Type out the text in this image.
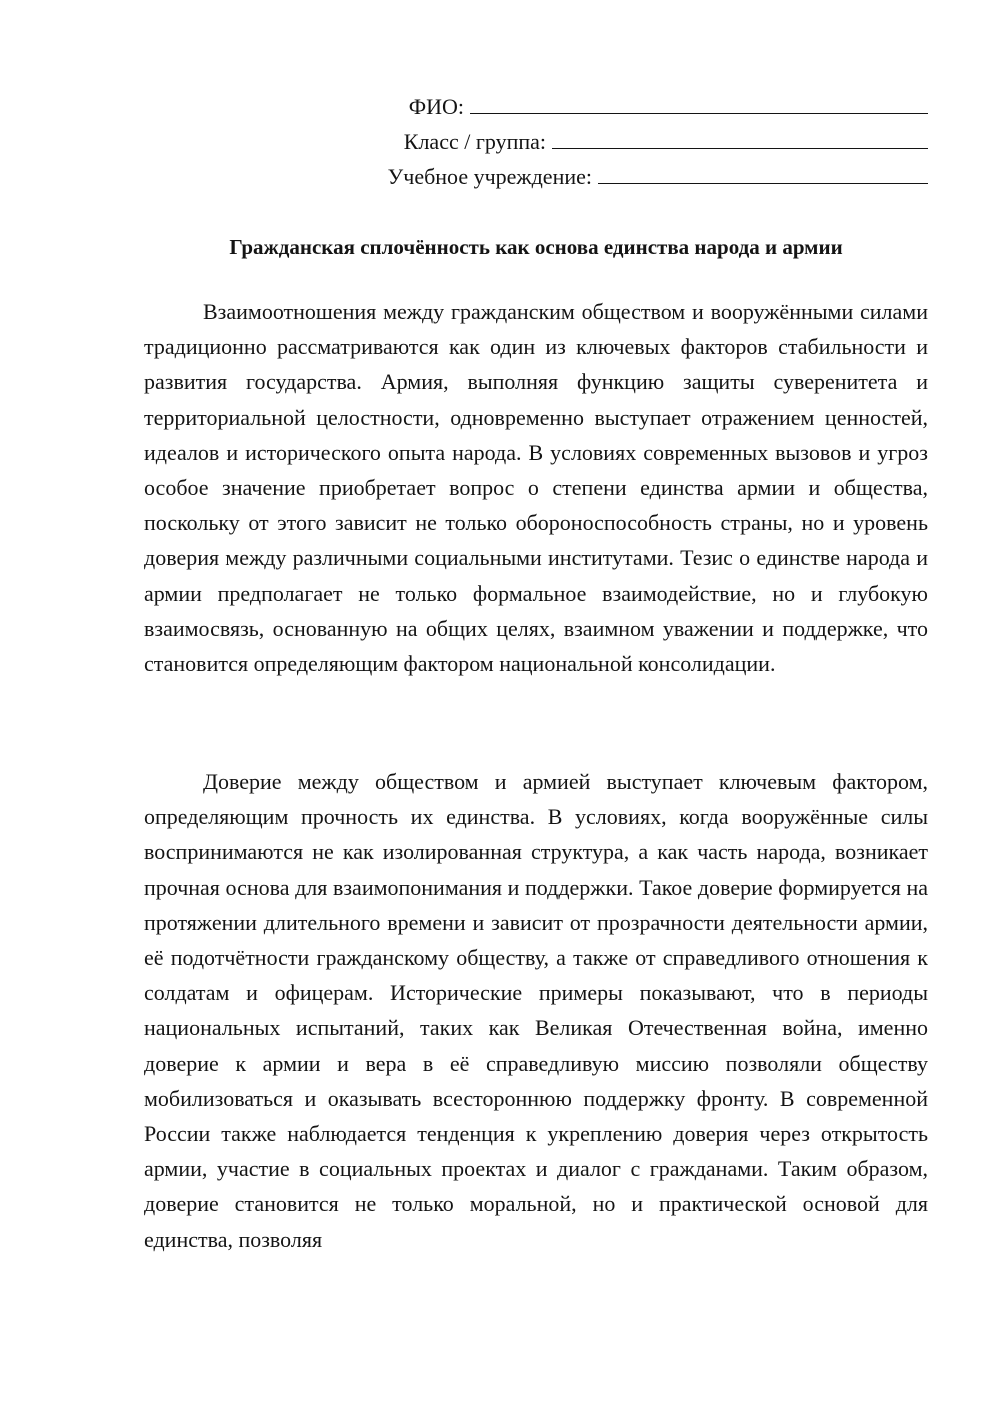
ФИО:
Класс / группа:
Учебное учреждение:
Гражданская сплочённость как основа единства народа и армии

Взаимоотношения между гражданским обществом и вооружёнными силами традиционно рассматриваются как один из ключевых факторов стабильности и развития государства. Армия, выполняя функцию защиты суверенитета и территориальной целостности, одновременно выступает отражением ценностей, идеалов и исторического опыта народа. В условиях современных вызовов и угроз особое значение приобретает вопрос о степени единства армии и общества, поскольку от этого зависит не только обороноспособность страны, но и уровень доверия между различными социальными институтами. Тезис о единстве народа и армии предполагает не только формальное взаимодействие, но и глубокую взаимосвязь, основанную на общих целях, взаимном уважении и поддержке, что становится определяющим фактором национальной консолидации.

Доверие между обществом и армией выступает ключевым фактором, определяющим прочность их единства. В условиях, когда вооружённые силы воспринимаются не как изолированная структура, а как часть народа, возникает прочная основа для взаимопонимания и поддержки. Такое доверие формируется на протяжении длительного времени и зависит от прозрачности деятельности армии, её подотчётности гражданскому обществу, а также от справедливого отношения к солдатам и офицерам. Исторические примеры показывают, что в периоды национальных испытаний, таких как Великая Отечественная война, именно доверие к армии и вера в её справедливую миссию позволяли обществу мобилизоваться и оказывать всестороннюю поддержку фронту. В современной России также наблюдается тенденция к укреплению доверия через открытость армии, участие в социальных проектах и диалог с гражданами. Таким образом, доверие становится не только моральной, но и практической основой для единства, позволяя
